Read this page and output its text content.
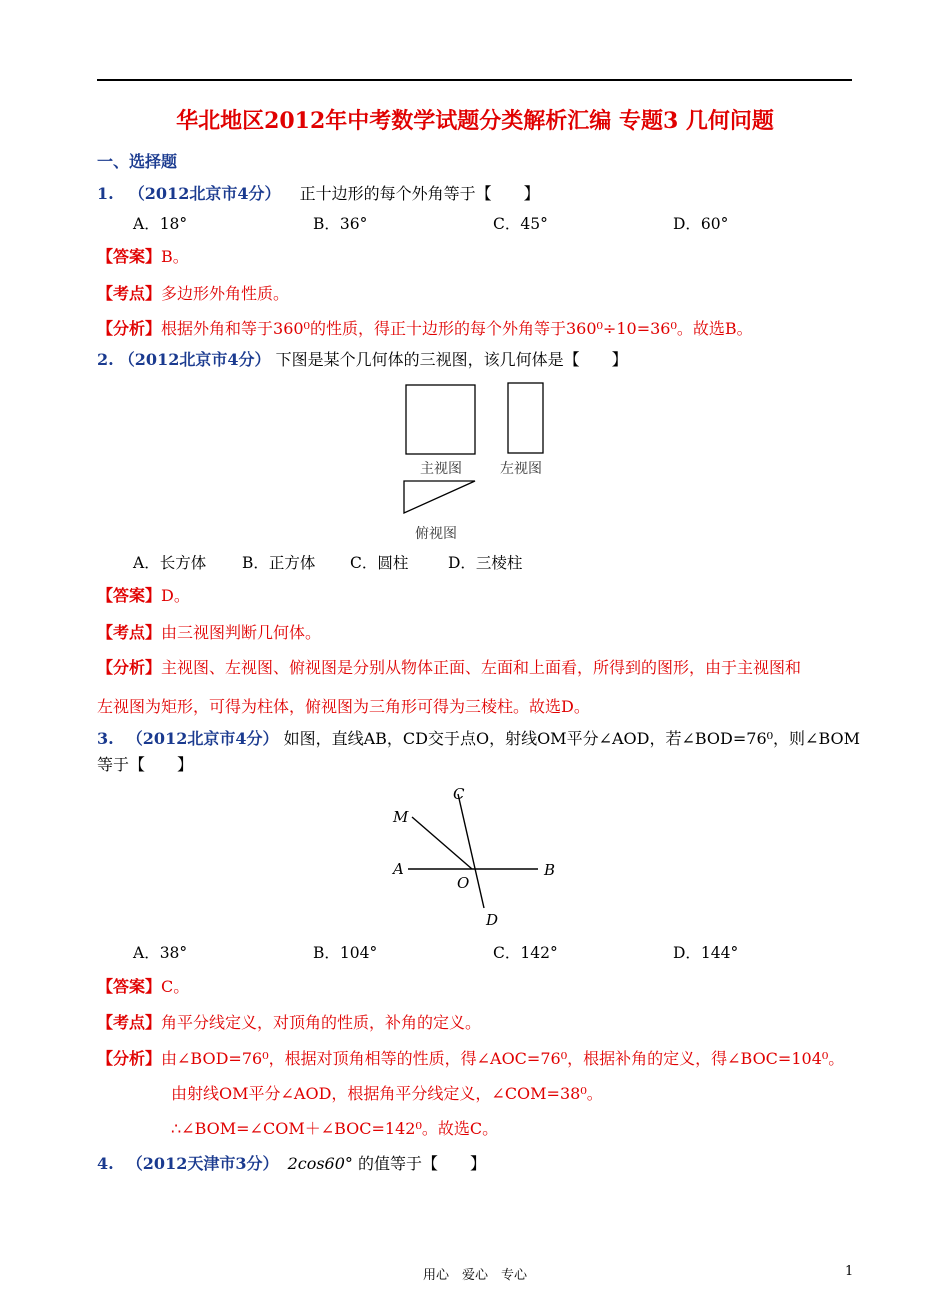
华北地区2012年中考数学试题分类解析汇编 专题3 几何问题
一、选择题
1. （2012北京市4分） 正十边形的每个外角等于【　　】
A．18°	B．36°	C．45°	D．60°
【答案】B。
【考点】多边形外角性质。
【分析】根据外角和等于360⁰的性质，得正十边形的每个外角等于360⁰÷10=36⁰。故选B。
2. （2012北京市4分） 下图是某个几何体的三视图，该几何体是【　　】
主视图	左视图
俯视图
A．长方体 B．正方体 C．圆柱	D．三棱柱
【答案】D。
【考点】由三视图判断几何体。
【分析】主视图、左视图、俯视图是分别从物体正面、左面和上面看，所得到的图形，由于主视图和
左视图为矩形，可得为柱体，俯视图为三角形可得为三棱柱。故选D。
3. （2012北京市4分） 如图，直线AB，CD交于点O，射线OM平分∠AOD，若∠BOD=76⁰，则∠BOM
等于【　　】
A	B
C
D
M
O
A．38°	B．104°	C．142°	D．144°
【答案】C。
【考点】角平分线定义，对顶角的性质，补角的定义。
【分析】由∠BOD=76⁰，根据对顶角相等的性质，得∠AOC=76⁰，根据补角的定义，得∠BOC=104⁰。
由射线OM平分∠AOD，根据角平分线定义，∠COM=38⁰。
∴∠BOM=∠COM＋∠BOC=142⁰。故选C。
4. （2012天津市3分） 2cos60° 的值等于【　　】
用心　爱心　专心	1
